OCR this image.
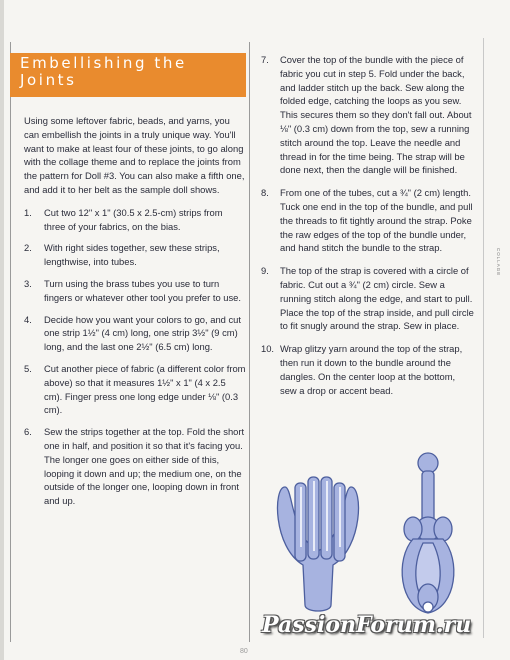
Embellishing the Joints

Using some leftover fabric, beads, and yarns, you can embellish the joints in a truly unique way. You'll want to make at least four of these joints, to go along with the collage theme and to replace the joints from the pattern for Doll #3. You can also make a fifth one, and add it to her belt as the sample doll shows.

1. Cut two 12" x 1" (30.5 x 2.5-cm) strips from three of your fabrics, on the bias.
2. With right sides together, sew these strips, lengthwise, into tubes.
3. Turn using the brass tubes you use to turn fingers or whatever other tool you prefer to use.
4. Decide how you want your colors to go, and cut one strip 1½" (4 cm) long, one strip 3½" (9 cm) long, and the last one 2½" (6.5 cm) long.
5. Cut another piece of fabric (a different color from above) so that it measures 1½" x 1" (4 x 2.5 cm). Finger press one long edge under ⅛" (0.3 cm).
6. Sew the strips together at the top. Fold the short one in half, and position it so that it's facing you. The longer one goes on either side of this, looping it down and up; the medium one, on the outside of the longer one, looping down in front and up.
7. Cover the top of the bundle with the piece of fabric you cut in step 5. Fold under the back, and ladder stitch up the back. Sew along the folded edge, catching the loops as you sew. This secures them so they don't fall out. About ⅛" (0.3 cm) down from the top, sew a running stitch around the top. Leave the needle and thread in for the time being. The strap will be done next, then the dangle will be finished.
8. From one of the tubes, cut a ¾" (2 cm) length. Tuck one end in the top of the bundle, and pull the threads to fit tightly around the strap. Poke the raw edges of the top of the bundle under, and hand stitch the bundle to the strap.
9. The top of the strap is covered with a circle of fabric. Cut out a ¾" (2 cm) circle. Sew a running stitch along the edge, and start to pull. Place the top of the strap inside, and pull circle to fit snugly around the strap. Sew in place.
10. Wrap glitzy yarn around the top of the strap, then run it down to the bundle around the dangles. On the center loop at the bottom, sew a drop or accent bead.
COLLAGE
PassionForum.ru
80
